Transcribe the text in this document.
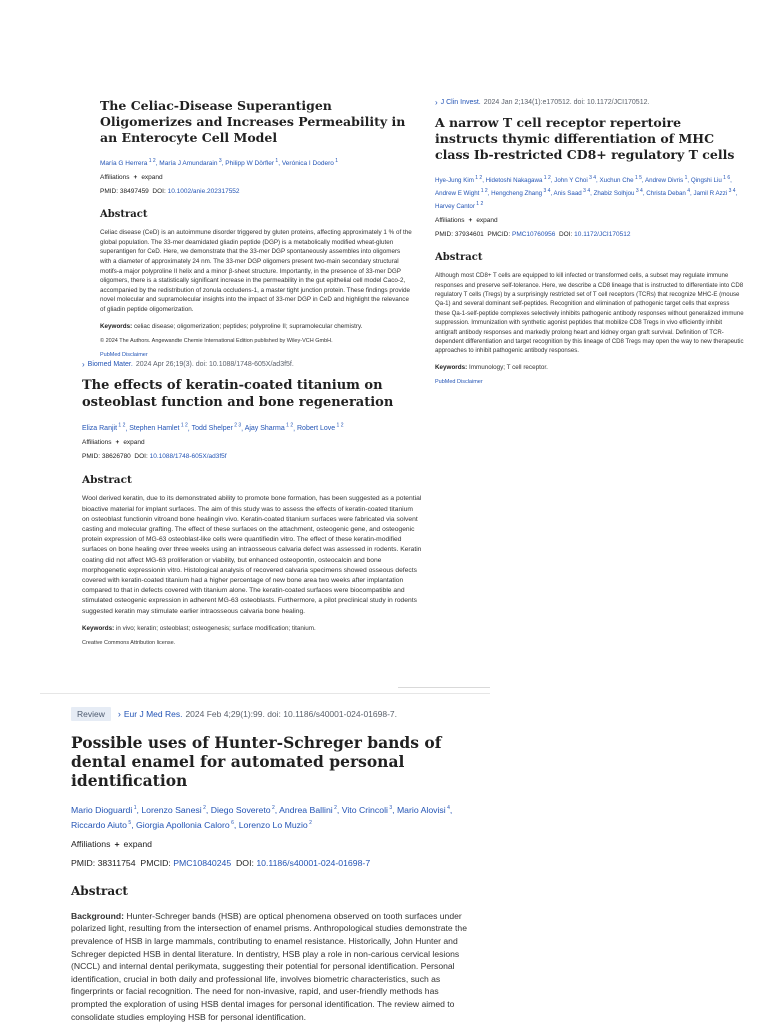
The Celiac-Disease Superantigen Oligomerizes and Increases Permeability in an Enterocyte Cell Model
María G Herrera $^{1 2}$, María J Amundarain $^3$, Philipp W Dörfler $^1$, Verónica I Dodero $^1$
Affiliations + expand
PMID: 38497459 DOI: 10.1002/anie.202317552
Abstract
Celiac disease (CeD) is an autoimmune disorder triggered by gluten proteins, affecting approximately 1 % of the global population. The 33-mer deamidated gliadin peptide (DGP) is a metabolically modified wheat-gluten superantigen for CeD. Here, we demonstrate that the 33-mer DGP spontaneously assembles into oligomers with a diameter of approximately 24 nm. The 33-mer DGP oligomers present two-main secondary structural motifs-a major polyproline II helix and a minor β-sheet structure. Importantly, in the presence of 33-mer DGP oligomers, there is a statistically significant increase in the permeability in the gut epithelial cell model Caco-2, accompanied by the redistribution of zonula occludens-1, a master tight junction protein. These findings provide novel molecular and supramolecular insights into the impact of 33-mer DGP in CeD and highlight the relevance of gliadin peptide oligomerization.
Keywords: celiac disease; oligomerization; peptides; polyproline II; supramolecular chemistry.
© 2024 The Authors. Angewandte Chemie International Edition published by Wiley-VCH GmbH.
PubMed Disclaimer
› J Clin Invest. 2024 Jan 2;134(1):e170512. doi: 10.1172/JCI170512.
A narrow T cell receptor repertoire instructs thymic differentiation of MHC class Ib-restricted CD8+ regulatory T cells
Hye-Jung Kim $^{1 2}$, Hidetoshi Nakagawa $^{1 2}$, John Y Choi $^{3 4}$, Xuchun Che $^{1 5}$, Andrew Divris $^1$, Qingshi Liu $^{1 6}$, Andrew E Wight $^{1 2}$, Hengcheng Zhang $^{3 4}$, Anis Saad $^{3 4}$, Zhabiz Solhjou $^{3 4}$, Christa Deban $^4$, Jamil R Azzi $^{3 4}$, Harvey Cantor $^{1 2}$
Affiliations + expand
PMID: 37934601 PMCID: PMC10760956 DOI: 10.1172/JCI170512
Abstract
Although most CD8+ T cells are equipped to kill infected or transformed cells, a subset may regulate immune responses and preserve self-tolerance. Here, we describe a CD8 lineage that is instructed to differentiate into CD8 regulatory T cells (Tregs) by a surprisingly restricted set of T cell receptors (TCRs) that recognize MHC-E (mouse Qa-1) and several dominant self-peptides. Recognition and elimination of pathogenic target cells that express these Qa-1-self-peptide complexes selectively inhibits pathogenic antibody responses without generalized immune suppression. Immunization with synthetic agonist peptides that mobilize CD8 Tregs in vivo efficiently inhibit antigraft antibody responses and markedly prolong heart and kidney organ graft survival. Definition of TCR-dependent differentiation and target recognition by this lineage of CD8 Tregs may open the way to new therapeutic approaches to inhibit pathogenic antibody responses.
Keywords: Immunology; T cell receptor.
PubMed Disclaimer
› Biomed Mater. 2024 Apr 26;19(3). doi: 10.1088/1748-605X/ad3f5f.
The effects of keratin-coated titanium on osteoblast function and bone regeneration
Eliza Ranjit $^{1 2}$, Stephen Hamlet $^{1 2}$, Todd Shelper $^{2 3}$, Ajay Sharma $^{1 2}$, Robert Love $^{1 2}$
Affiliations + expand
PMID: 38626780 DOI: 10.1088/1748-605X/ad3f5f
Abstract
Wool derived keratin, due to its demonstrated ability to promote bone formation, has been suggested as a potential bioactive material for implant surfaces. The aim of this study was to assess the effects of keratin-coated titanium on osteoblast functionin vitroand bone healingin vivo. Keratin-coated titanium surfaces were fabricated via solvent casting and molecular grafting. The effect of these surfaces on the attachment, osteogenic gene, and osteogenic protein expression of MG-63 osteoblast-like cells were quantifiedin vitro. The effect of these keratin-modified surfaces on bone healing over three weeks using an intraosseous calvaria defect was assessed in rodents. Keratin coating did not affect MG-63 proliferation or viability, but enhanced osteopontin, osteocalcin and bone morphogenetic expressionin vitro. Histological analysis of recovered calvaria specimens showed osseous defects covered with keratin-coated titanium had a higher percentage of new bone area two weeks after implantation compared to that in defects covered with titanium alone. The keratin-coated surfaces were biocompatible and stimulated osteogenic expression in adherent MG-63 osteoblasts. Furthermore, a pilot preclinical study in rodents suggested keratin may stimulate earlier intraosseous calvaria bone healing.
Keywords: in vivo; keratin; osteoblast; osteogenesis; surface modification; titanium.
Creative Commons Attribution license.
Review	› Eur J Med Res. 2024 Feb 4;29(1):99. doi: 10.1186/s40001-024-01698-7.
Possible uses of Hunter-Schreger bands of dental enamel for automated personal identification
Mario Dioguardi $^1$, Lorenzo Sanesi $^2$, Diego Sovereto $^2$, Andrea Ballini $^2$, Vito Crincoli $^3$, Mario Alovisi $^4$, Riccardo Aiuto $^5$, Giorgia Apollonia Caloro $^6$, Lorenzo Lo Muzio $^2$
Affiliations + expand
PMID: 38311754 PMCID: PMC10840245 DOI: 10.1186/s40001-024-01698-7
Abstract
Background: Hunter-Schreger bands (HSB) are optical phenomena observed on tooth surfaces under polarized light, resulting from the intersection of enamel prisms. Anthropological studies demonstrate the prevalence of HSB in large mammals, contributing to enamel resistance. Historically, John Hunter and Schreger depicted HSB in dental literature. In dentistry, HSB play a role in non-carious cervical lesions (NCCL) and internal dental perikymata, suggesting their potential for personal identification. Personal identification, crucial in both daily and professional life, involves biometric characteristics, such as fingerprints or facial recognition. The need for non-invasive, rapid, and user-friendly methods has prompted the exploration of using HSB dental images for personal identification. The review aimed to consolidate studies employing HSB for personal identification.
